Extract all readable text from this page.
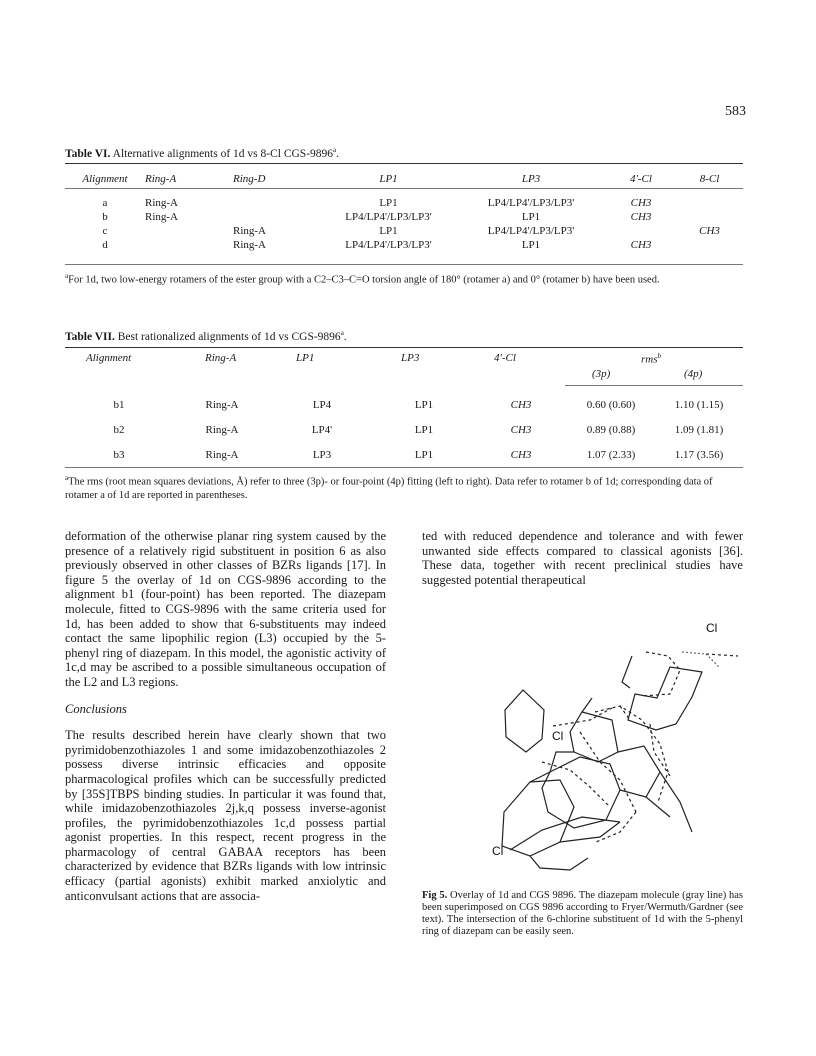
583
Table VI. Alternative alignments of 1d vs 8-Cl CGS-9896$^a$.
Alignment	Ring-A	Ring-D	LP1	LP3	4'-Cl	8-Cl

a	Ring-A		LP1	LP4/LP4'/LP3/LP3'	CH3	
b	Ring-A		LP4/LP4'/LP3/LP3'	LP1	CH3	
c		Ring-A	LP1	LP4/LP4'/LP3/LP3'		CH3
d		Ring-A	LP4/LP4'/LP3/LP3'	LP1	CH3	
$^a$For 1d, two low-energy rotamers of the ester group with a C2–C3–C=O torsion angle of 180° (rotamer a) and 0° (rotamer b) have been used.
Table VII. Best rationalized alignments of 1d vs CGS-9896$^a$.
Alignment	Ring-A	LP1	LP3	4'-Cl	rms$^b$
(3p)	(4p)
b1	Ring-A	LP4	LP1	CH3	0.60 (0.60)	1.10 (1.15)
b2	Ring-A	LP4'	LP1	CH3	0.89 (0.88)	1.09 (1.81)
b3	Ring-A	LP3	LP1	CH3	1.07 (2.33)	1.17 (3.56)
$^a$The rms (root mean squares deviations, Å) refer to three (3p)- or four-point (4p) fitting (left to right). Data refer to rotamer b of 1d; corresponding data of rotamer a of 1d are reported in parentheses.

deformation of the otherwise planar ring system caused by the presence of a relatively rigid substituent in position 6 as also previously observed in other classes of BZRs ligands [17]. In figure 5 the overlay of 1d on CGS-9896 according to the alignment b1 (four-point) has been reported. The diazepam molecule, fitted to CGS-9896 with the same criteria used for 1d, has been added to show that 6-substituents may indeed contact the same lipophilic region (L3) occupied by the 5-phenyl ring of diazepam. In this model, the agonistic activity of 1c,d may be ascribed to a possible simultaneous occupation of the L2 and L3 regions.

Conclusions

The results described herein have clearly shown that two pyrimidobenzothiazoles 1 and some imidazobenzothiazoles 2 possess diverse intrinsic efficacies and opposite pharmacological profiles which can be successfully predicted by [35S]TBPS binding studies. In particular it was found that, while imidazobenzothiazoles 2j,k,q possess inverse-agonist profiles, the pyrimidobenzothiazoles 1c,d possess partial agonist properties. In this respect, recent progress in the pharmacology of central GABAA receptors has been characterized by evidence that BZRs ligands with low intrinsic efficacy (partial agonists) exhibit marked anxiolytic and anticonvulsant actions that are associa-

ted with reduced dependence and tolerance and with fewer unwanted side effects compared to classical agonists [36]. These data, together with recent preclinical studies have suggested potential therapeutical

Cl
Cl
Cl
Fig 5. Overlay of 1d and CGS 9896. The diazepam molecule (gray line) has been superimposed on CGS 9896 according to Fryer/Wermuth/Gardner (see text). The intersection of the 6-chlorine substituent of 1d with the 5-phenyl ring of diazepam can be easily seen.
